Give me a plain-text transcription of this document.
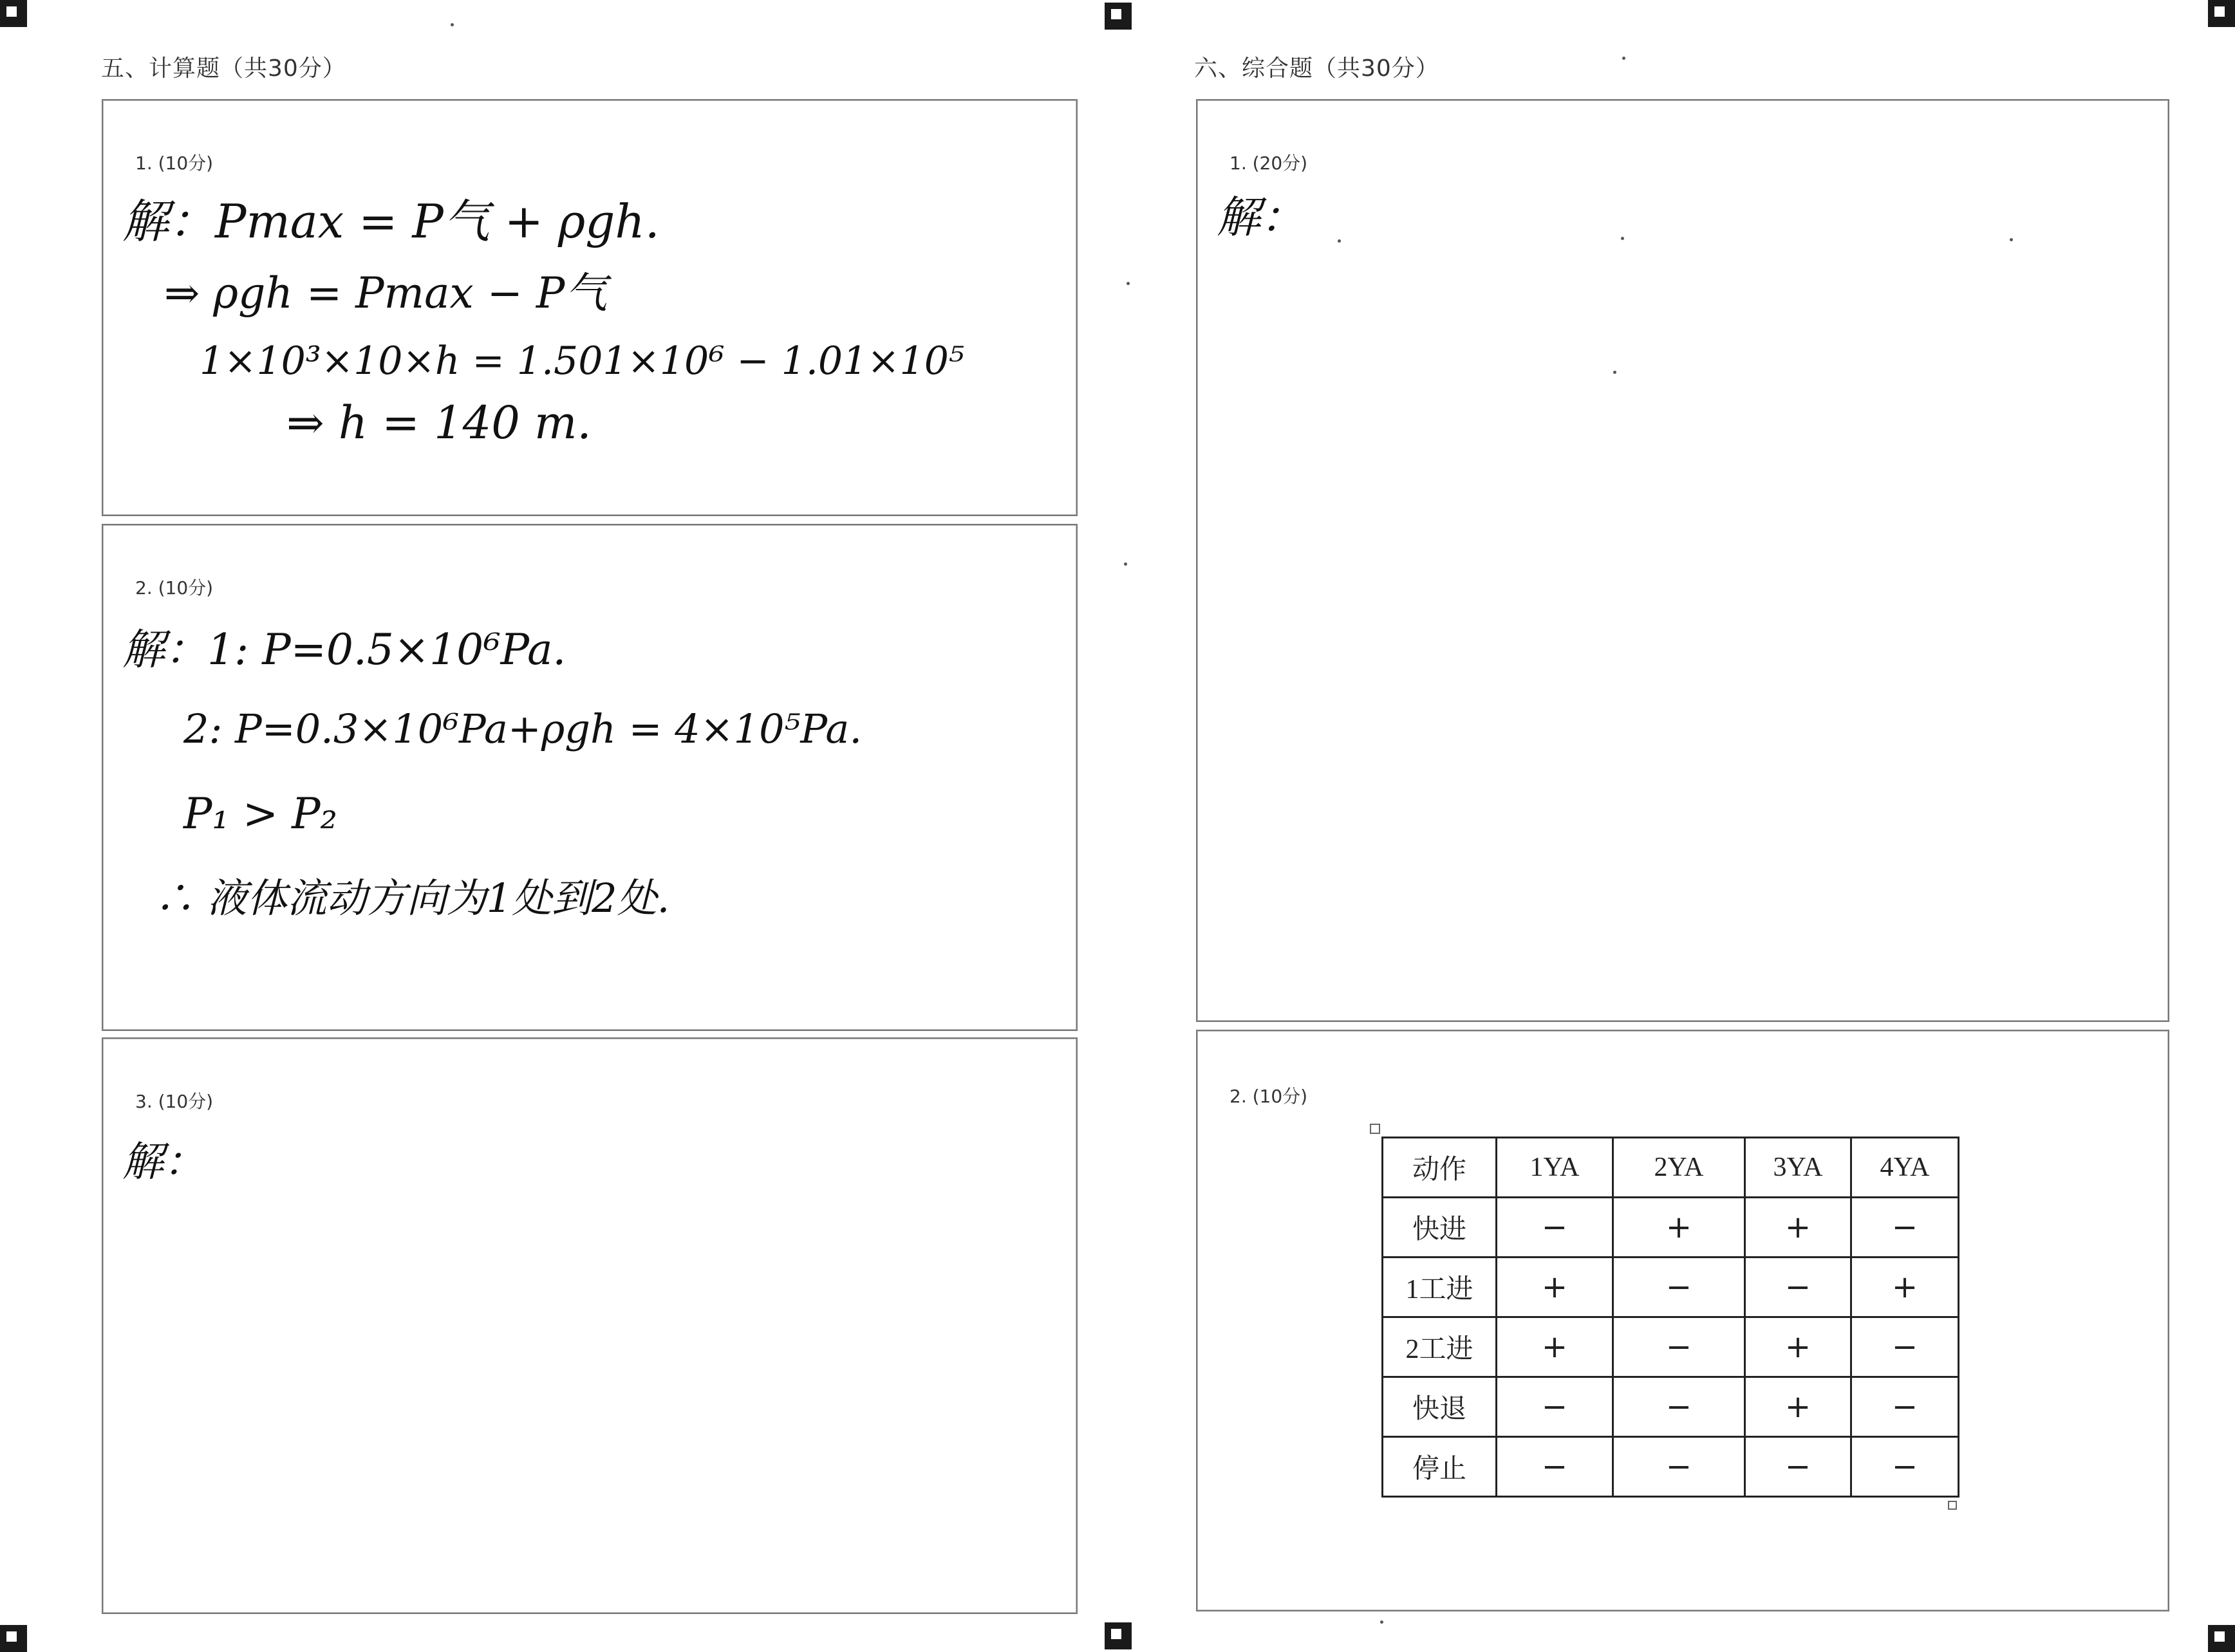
五、计算题（共30分）
1. (10分)
解：Pmax = P气 + ρgh.
⇒ ρgh = Pmax − P气
1×10³×10×h = 1.501×10⁶ − 1.01×10⁵
⇒ h = 140 m.
2. (10分)
解：1: P=0.5×10⁶Pa.
2: P=0.3×10⁶Pa+ρgh = 4×10⁵Pa.
P₁ > P₂
∴ 液体流动方向为1处到2处.
3. (10分)
解：
六、综合题（共30分）
1. (20分)
解：
2. (10分)
动作	1YA	2YA	3YA	4YA
快进	−	+	+	−
1工进	+	−	−	+
2工进	+	−	+	−
快退	−	−	+	−
停止	−	−	−	−
